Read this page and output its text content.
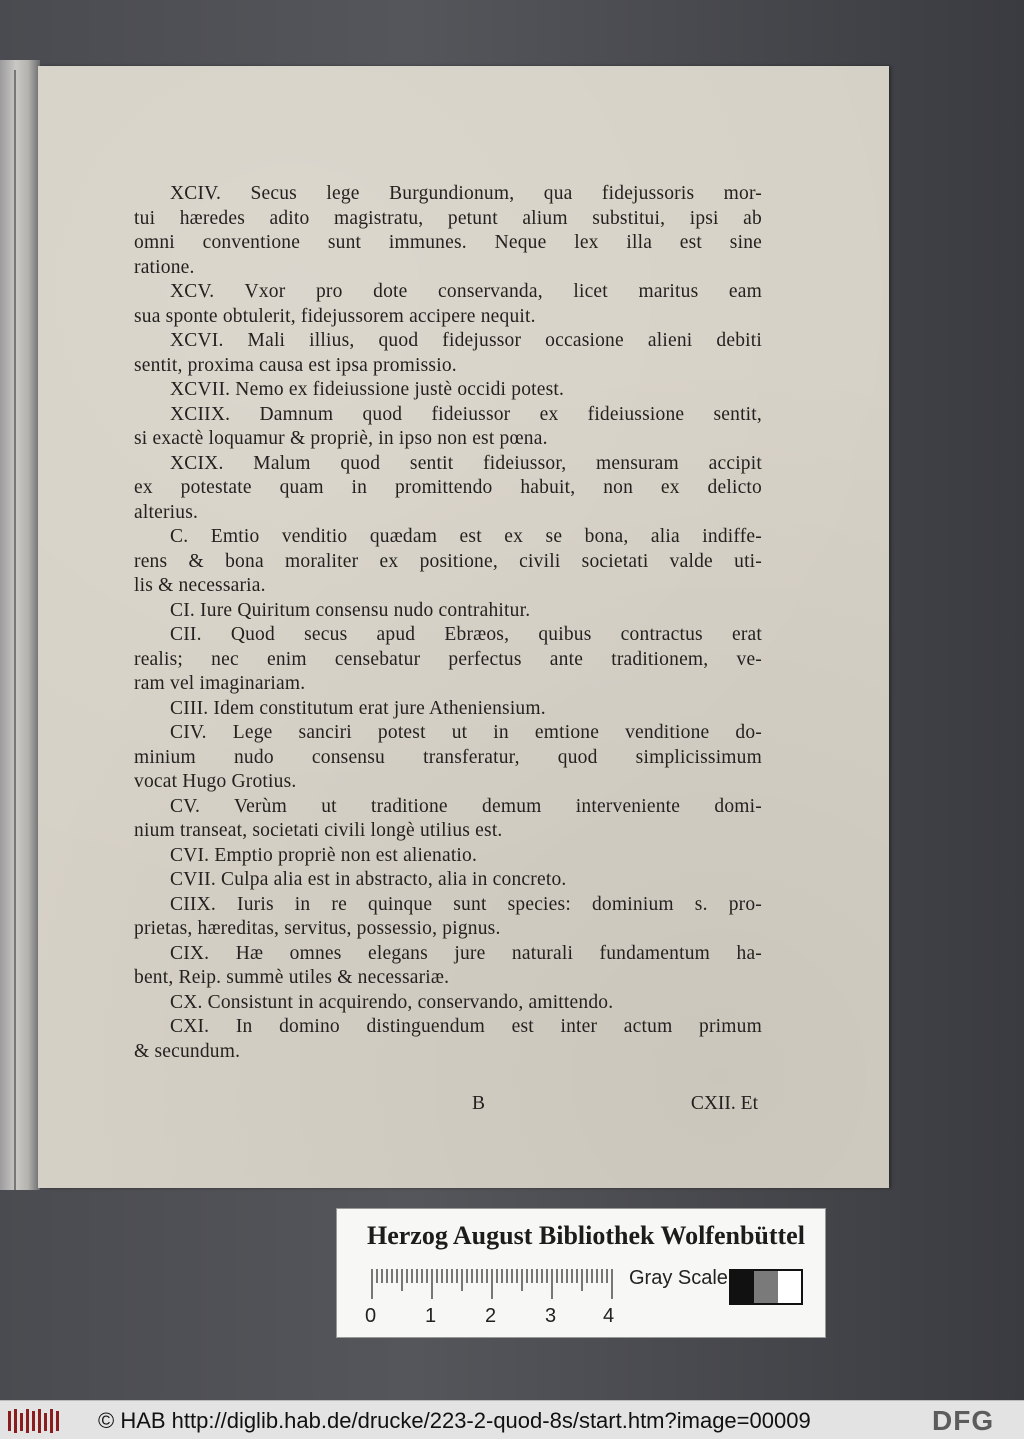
XCIV. Secus lege Burgundionum, qua fidejussoris mor-
tui hæredes adito magistratu, petunt alium substitui, ipsi ab
omni conventione sunt immunes. Neque lex illa est sine
ratione.
XCV. Vxor pro dote conservanda, licet maritus eam
sua sponte obtulerit, fidejussorem accipere nequit.
XCVI. Mali illius, quod fidejussor occasione alieni debiti
sentit, proxima causa est ipsa promissio.
XCVII. Nemo ex fideiussione justè occidi potest.
XCIIX. Damnum quod fideiussor ex fideiussione sentit,
si exactè loquamur & propriè, in ipso non est pœna.
XCIX. Malum quod sentit fideiussor, mensuram accipit
ex potestate quam in promittendo habuit, non ex delicto
alterius.
C. Emtio venditio quædam est ex se bona, alia indiffe-
rens & bona moraliter ex positione, civili societati valde uti-
lis & necessaria.
CI. Iure Quiritum consensu nudo contrahitur.
CII. Quod secus apud Ebræos, quibus contractus erat
realis; nec enim censebatur perfectus ante traditionem, ve-
ram vel imaginariam.
CIII. Idem constitutum erat jure Atheniensium.
CIV. Lege sanciri potest ut in emtione venditione do-
minium nudo consensu transferatur, quod simplicissimum
vocat Hugo Grotius.
CV. Verùm ut traditione demum interveniente domi-
nium transeat, societati civili longè utilius est.
CVI. Emptio propriè non est alienatio.
CVII. Culpa alia est in abstracto, alia in concreto.
CIIX. Iuris in re quinque sunt species: dominium s. pro-
prietas, hæreditas, servitus, possessio, pignus.
CIX. Hæ omnes elegans jure naturali fundamentum ha-
bent, Reip. summè utiles & necessariæ.
CX. Consistunt in acquirendo, conservando, amittendo.
CXI. In domino distinguendum est inter actum primum
& secundum.
B	CXII. Et
Herzog August Bibliothek Wolfenbüttel
Gray Scale
0 1 2 3 4
© HAB http://diglib.hab.de/drucke/223-2-quod-8s/start.htm?image=00009	DFG
